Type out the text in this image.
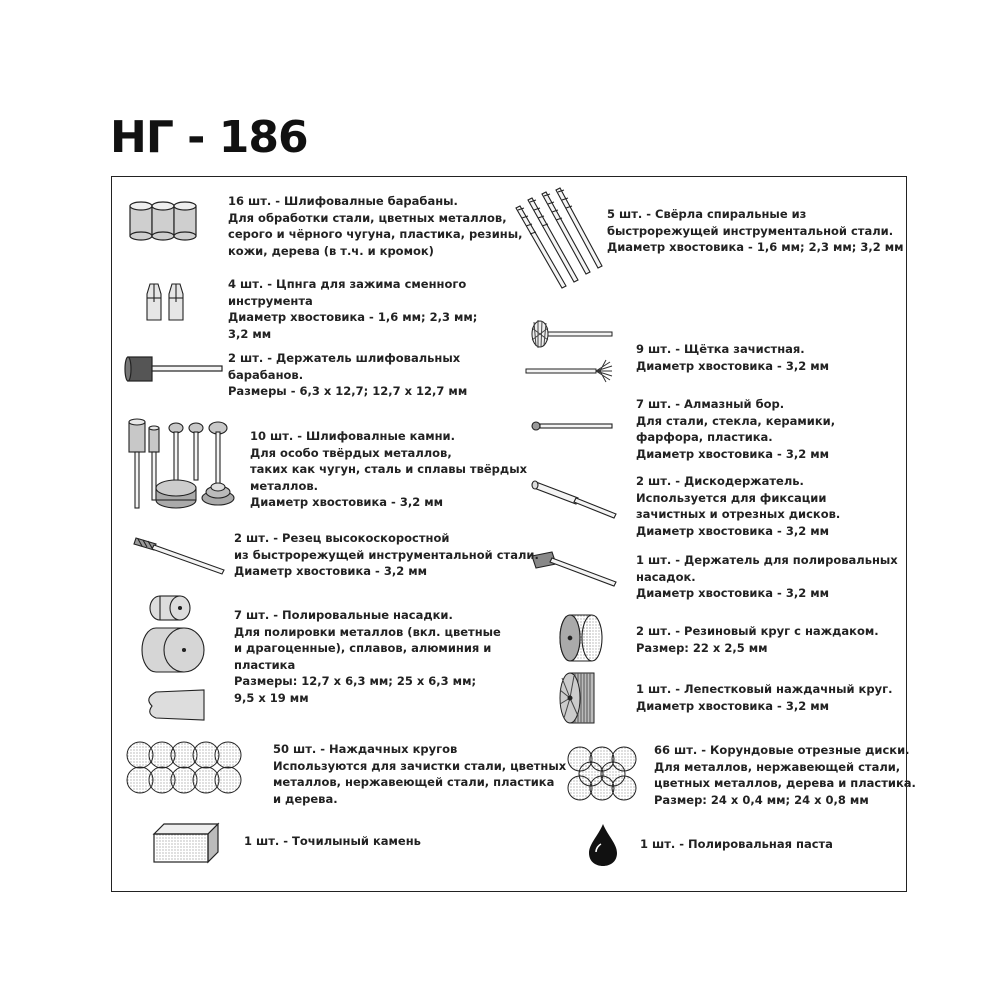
НГ - 186
16 шт. - Шлифовалные барабаны.
Для обработки стали, цветных металлов,
серого и чёрного чугуна, пластика, резины,
кожи, дерева (в т.ч. и кромок)
4 шт. - Цпнга для зажима сменного
инструмента
Диаметр хвостовика - 1,6 мм; 2,3 мм;
3,2 мм
2 шт. - Держатель шлифовальных
барабанов.
Размеры - 6,3 х 12,7; 12,7 х 12,7 мм
10 шт. - Шлифовалные камни.
Для особо твёрдых металлов,
таких как чугун, сталь и сплавы твёрдых
металлов.
Диаметр хвостовика - 3,2 мм
2 шт. - Резец высокоскоростной
из быстрорежущей инструментальной стали.
Диаметр хвостовика - 3,2 мм
7 шт. - Полировальные насадки.
Для полировки металлов (вкл. цветные
и драгоценные), сплавов, алюминия и
пластика
Размеры: 12,7 х 6,3 мм; 25 х 6,3 мм;
9,5 х 19 мм
50 шт. - Наждачных кругов
Используются для зачистки стали, цветных
металлов, нержавеющей стали, пластика
и дерева.
1 шт. - Точилыный камень
5 шт. - Свёрла спиральные из
быстрорежущей инструментальной стали.
Диаметр хвостовика - 1,6 мм; 2,3 мм; 3,2 мм
9 шт. - Щётка зачистная.
Диаметр хвостовика - 3,2 мм
7 шт. - Алмазный бор.
Для стали, стекла, керамики,
фарфора, пластика.
Диаметр хвостовика - 3,2 мм
2 шт. - Дискодержатель.
Используется для фиксации
зачистных и отрезных дисков.
Диаметр хвостовика - 3,2 мм
1 шт. - Держатель для полировальных
насадок.
Диаметр хвостовика - 3,2 мм
2 шт. - Резиновый круг с наждаком.
Размер: 22 х 2,5 мм
1 шт. - Лепестковый наждачный круг.
Диаметр хвостовика - 3,2 мм
66 шт. - Корундовые отрезные диски.
Для металлов, нержавеющей стали,
цветных металлов, дерева и пластика.
Размер: 24 х 0,4 мм; 24 х 0,8 мм
1 шт. - Полировальная паста
